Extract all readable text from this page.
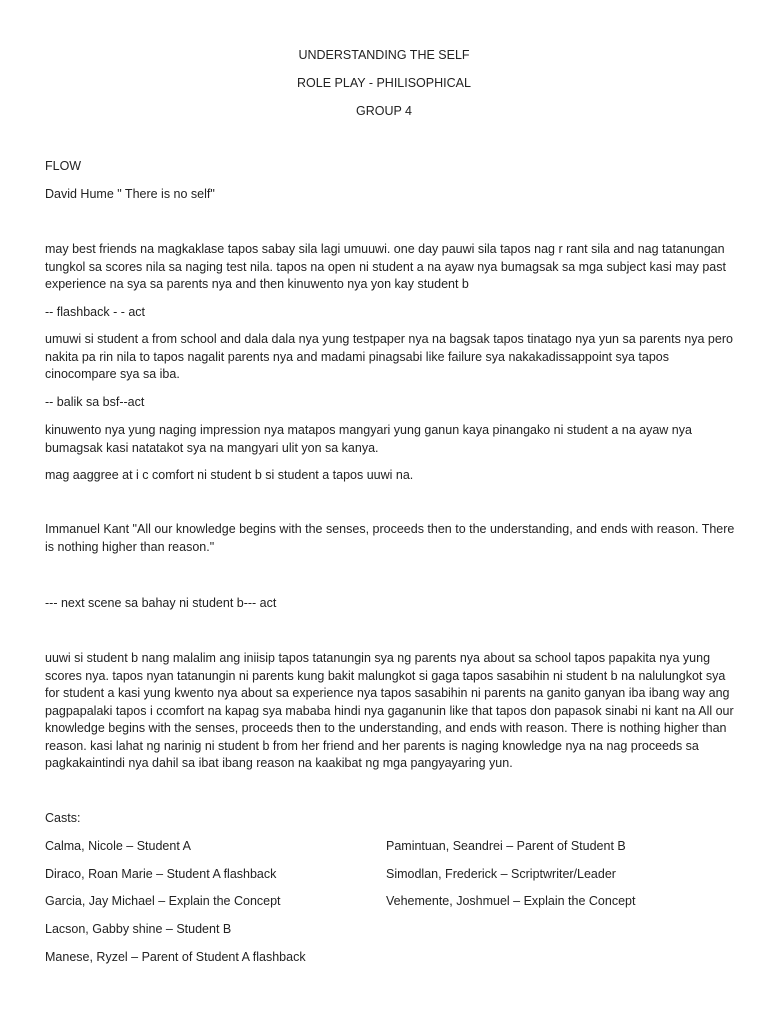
UNDERSTANDING THE SELF
ROLE PLAY - PHILISOPHICAL
GROUP 4
FLOW
David Hume " There is no self"
may best friends na magkaklase tapos sabay sila lagi umuuwi. one day pauwi sila tapos nag r rant sila and nag tatanungan tungkol sa scores nila sa naging test nila. tapos na open ni student a na ayaw nya bumagsak sa mga subject kasi may past experience na sya sa parents nya and then kinuwento nya yon kay student b
-- flashback - - act
umuwi si student a from school and dala dala nya yung testpaper nya na bagsak tapos tinatago nya yun sa parents nya pero nakita pa rin nila to tapos nagalit parents nya and madami pinagsabi like failure sya nakakadissappoint sya tapos cinocompare sya sa iba.
-- balik sa bsf--act
kinuwento nya yung naging impression nya matapos mangyari yung ganun kaya pinangako ni student a na ayaw nya bumagsak kasi natatakot sya na mangyari ulit yon sa kanya.
mag aaggree at i c comfort ni student b si student a tapos uuwi na.
Immanuel Kant "All our knowledge begins with the senses, proceeds then to the understanding, and ends with reason. There is nothing higher than reason."
--- next scene sa bahay ni student b--- act
uuwi si student b nang malalim ang iniisip tapos tatanungin sya ng parents nya about sa school tapos papakita nya yung scores nya. tapos nyan tatanungin ni parents kung bakit malungkot si gaga tapos sasabihin ni student b na nalulungkot sya for student a kasi yung kwento nya about sa experience nya tapos sasabihin ni parents na ganito ganyan iba ibang way ang pagpapalaki tapos i ccomfort na kapag sya mababa hindi nya gaganunin like that tapos don papasok sinabi ni kant na All our knowledge begins with the senses, proceeds then to the understanding, and ends with reason. There is nothing higher than reason. kasi lahat ng narinig ni student b from her friend and her parents is naging knowledge nya na nag proceeds sa pagkakaintindi nya dahil sa ibat ibang reason na kaakibat ng mga pangyayaring yun.
Casts:
Calma, Nicole – Student A
Diraco, Roan Marie – Student A flashback
Garcia, Jay Michael – Explain the Concept
Lacson, Gabby shine – Student B
Manese, Ryzel – Parent of Student A flashback
Pamintuan, Seandrei – Parent of Student B
Simodlan, Frederick – Scriptwriter/Leader
Vehemente, Joshmuel – Explain the Concept
